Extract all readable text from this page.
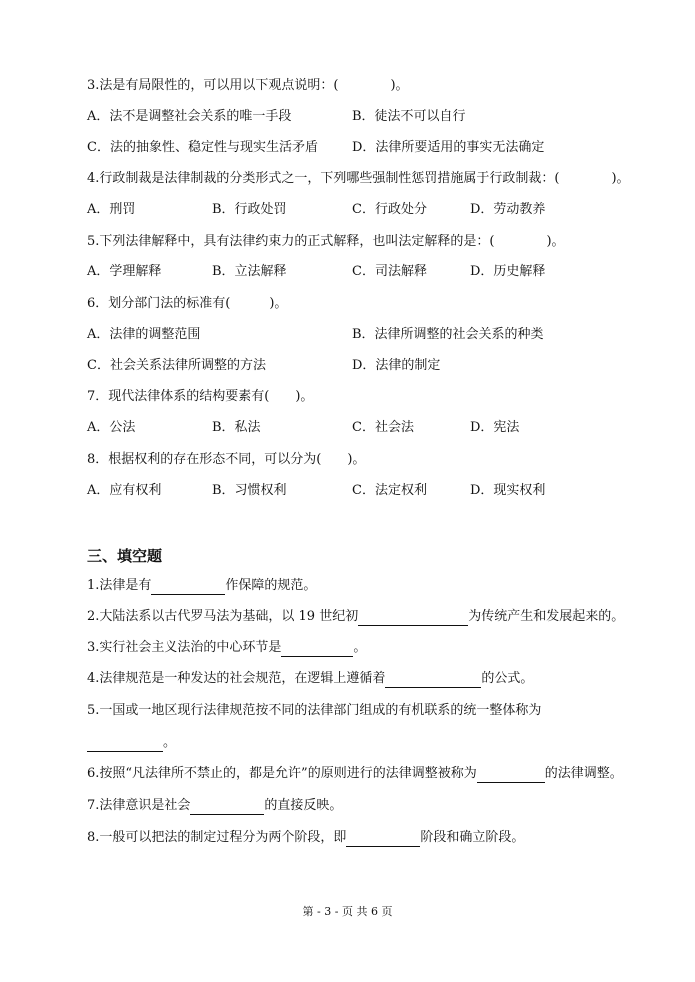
3.法是有局限性的，可以用以下观点说明：(　　　　)。
A．法不是调整社会关系的唯一手段	B．徒法不可以自行
C．法的抽象性、稳定性与现实生活矛盾	D．法律所要适用的事实无法确定
4.行政制裁是法律制裁的分类形式之一，下列哪些强制性惩罚措施属于行政制裁：(　　　　)。
A．刑罚	B．行政处罚	C．行政处分	D．劳动教养
5.下列法律解释中，具有法律约束力的正式解释，也叫法定解释的是：(　　　　)。
A．学理解释	B．立法解释	C．司法解释	D．历史解释
6．划分部门法的标准有(　　　)。
A．法律的调整范围	B．法律所调整的社会关系的种类
C．社会关系法律所调整的方法	D．法律的制定
7．现代法律体系的结构要素有(　　)。
A．公法	B．私法	C．社会法	D．宪法
8．根据权利的存在形态不同，可以分为(　　)。
A．应有权利	B．习惯权利	C．法定权利	D．现实权利
三、填空题
1.法律是有	作保障的规范。
2.大陆法系以古代罗马法为基础，以 19 世纪初	为传统产生和发展起来的。
3.实行社会主义法治的中心环节是	。
4.法律规范是一种发达的社会规范，在逻辑上遵循着	的公式。
5.一国或一地区现行法律规范按不同的法律部门组成的有机联系的统一整体称为
。
6.按照“凡法律所不禁止的，都是允许”的原则进行的法律调整被称为	的法律调整。
7.法律意识是社会	的直接反映。
8.一般可以把法的制定过程分为两个阶段，即	阶段和确立阶段。
第 - 3 - 页 共 6 页
